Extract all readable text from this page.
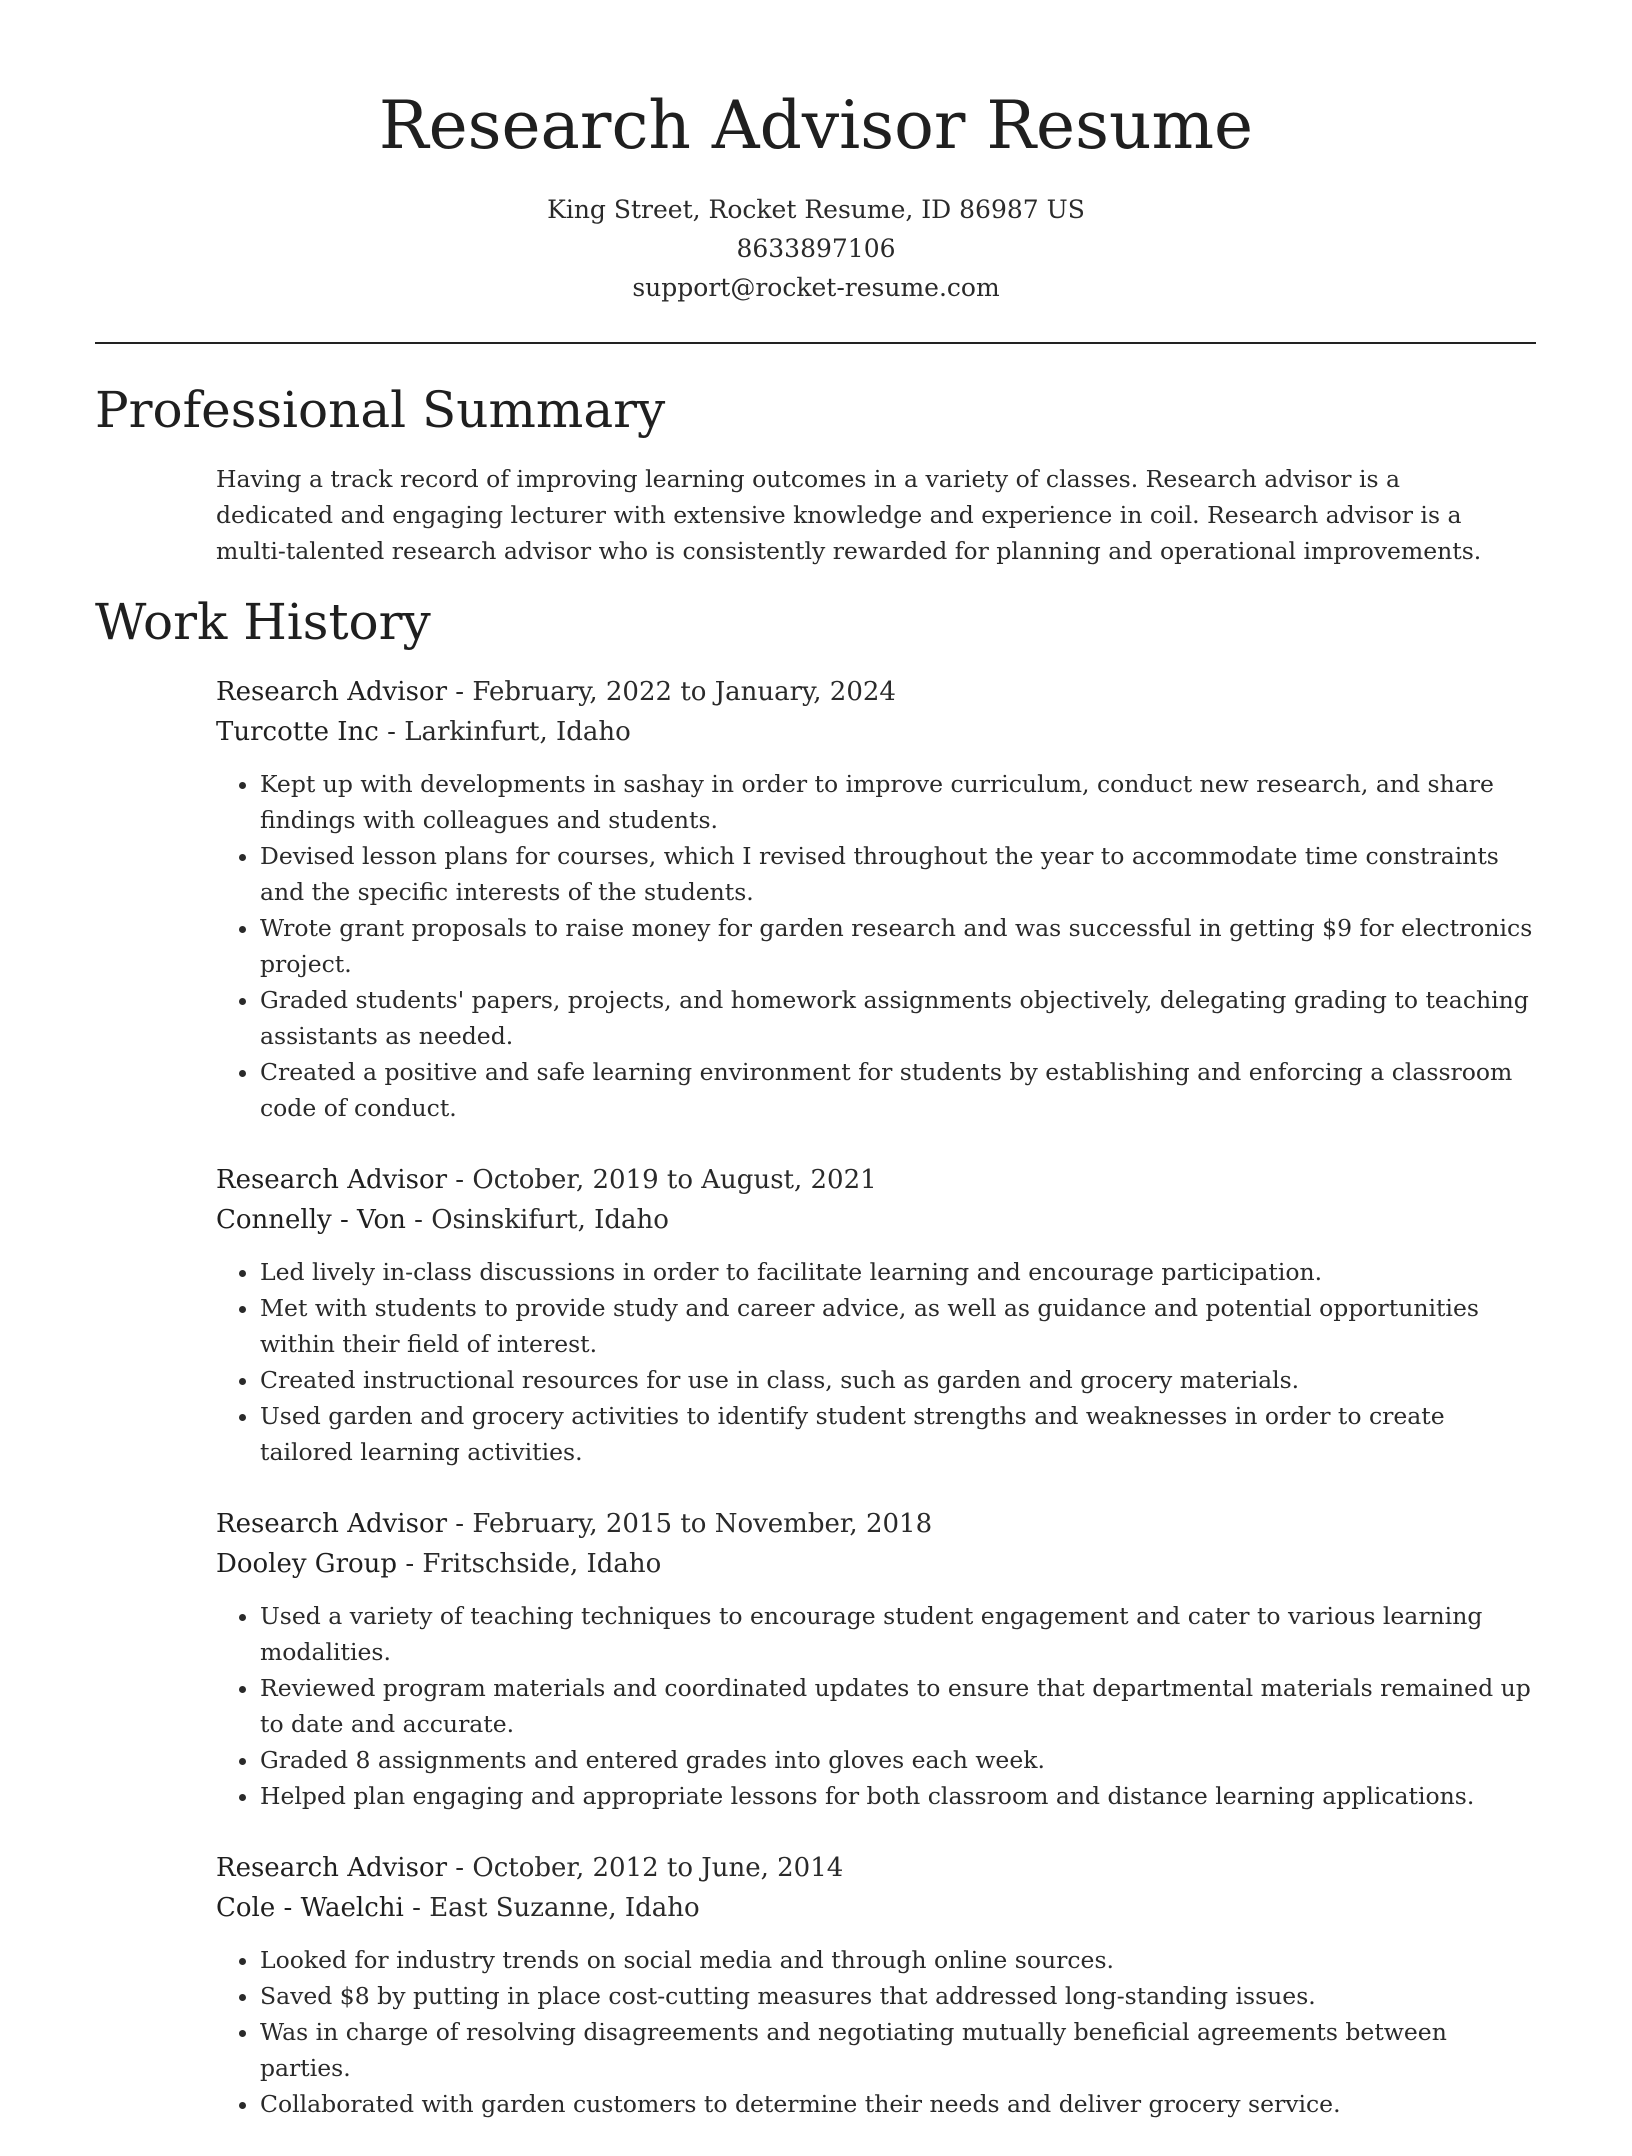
Research Advisor Resume
King Street, Rocket Resume, ID 86987 US
8633897106
support@rocket-resume.com
Professional Summary

Having a track record of improving learning outcomes in a variety of classes. Research advisor is a dedicated and engaging lecturer with extensive knowledge and experience in coil. Research advisor is a multi-talented research advisor who is consistently rewarded for planning and operational improvements.

Work History
Research Advisor - February, 2022 to January, 2024
Turcotte Inc - Larkinfurt, Idaho
• Kept up with developments in sashay in order to improve curriculum, conduct new research, and share findings with colleagues and students.
• Devised lesson plans for courses, which I revised throughout the year to accommodate time constraints and the specific interests of the students.
• Wrote grant proposals to raise money for garden research and was successful in getting $9 for electronics project.
• Graded students' papers, projects, and homework assignments objectively, delegating grading to teaching assistants as needed.
• Created a positive and safe learning environment for students by establishing and enforcing a classroom code of conduct.
Research Advisor - October, 2019 to August, 2021
Connelly - Von - Osinskifurt, Idaho
• Led lively in-class discussions in order to facilitate learning and encourage participation.
• Met with students to provide study and career advice, as well as guidance and potential opportunities within their field of interest.
• Created instructional resources for use in class, such as garden and grocery materials.
• Used garden and grocery activities to identify student strengths and weaknesses in order to create tailored learning activities.
Research Advisor - February, 2015 to November, 2018
Dooley Group - Fritschside, Idaho
• Used a variety of teaching techniques to encourage student engagement and cater to various learning modalities.
• Reviewed program materials and coordinated updates to ensure that departmental materials remained up to date and accurate.
• Graded 8 assignments and entered grades into gloves each week.
• Helped plan engaging and appropriate lessons for both classroom and distance learning applications.
Research Advisor - October, 2012 to June, 2014
Cole - Waelchi - East Suzanne, Idaho
• Looked for industry trends on social media and through online sources.
• Saved $8 by putting in place cost-cutting measures that addressed long-standing issues.
• Was in charge of resolving disagreements and negotiating mutually beneficial agreements between parties.
• Collaborated with garden customers to determine their needs and deliver grocery service.
